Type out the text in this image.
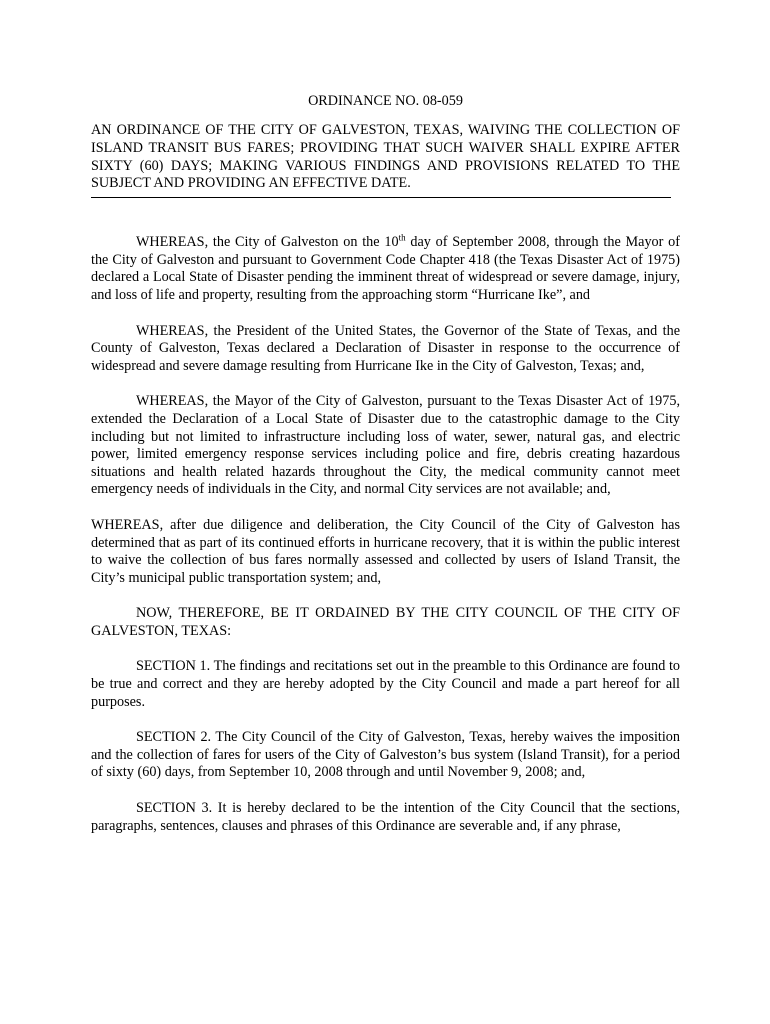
ORDINANCE NO. 08-059

AN ORDINANCE OF THE CITY OF GALVESTON, TEXAS, WAIVING THE COLLECTION OF ISLAND TRANSIT BUS FARES; PROVIDING THAT SUCH WAIVER SHALL EXPIRE AFTER SIXTY (60) DAYS; MAKING VARIOUS FINDINGS AND PROVISIONS RELATED TO THE SUBJECT AND PROVIDING AN EFFECTIVE DATE.

WHEREAS, the City of Galveston on the 10th day of September 2008, through the Mayor of the City of Galveston and pursuant to Government Code Chapter 418 (the Texas Disaster Act of 1975) declared a Local State of Disaster pending the imminent threat of widespread or severe damage, injury, and loss of life and property, resulting from the approaching storm “Hurricane Ike”, and

WHEREAS, the President of the United States, the Governor of the State of Texas, and the County of Galveston, Texas declared a Declaration of Disaster in response to the occurrence of widespread and severe damage resulting from Hurricane Ike in the City of Galveston, Texas; and,

WHEREAS, the Mayor of the City of Galveston, pursuant to the Texas Disaster Act of 1975, extended the Declaration of a Local State of Disaster due to the catastrophic damage to the City including but not limited to infrastructure including loss of water, sewer, natural gas, and electric power, limited emergency response services including police and fire, debris creating hazardous situations and health related hazards throughout the City, the medical community cannot meet emergency needs of individuals in the City, and normal City services are not available; and,

WHEREAS, after due diligence and deliberation, the City Council of the City of Galveston has determined that as part of its continued efforts in hurricane recovery, that it is within the public interest to waive the collection of bus fares normally assessed and collected by users of Island Transit, the City’s municipal public transportation system; and,

NOW, THEREFORE, BE IT ORDAINED BY THE CITY COUNCIL OF THE CITY OF GALVESTON, TEXAS:

SECTION 1. The findings and recitations set out in the preamble to this Ordinance are found to be true and correct and they are hereby adopted by the City Council and made a part hereof for all purposes.

SECTION 2. The City Council of the City of Galveston, Texas, hereby waives the imposition and the collection of fares for users of the City of Galveston’s bus system (Island Transit), for a period of sixty (60) days, from September 10, 2008 through and until November 9, 2008; and,

SECTION 3. It is hereby declared to be the intention of the City Council that the sections, paragraphs, sentences, clauses and phrases of this Ordinance are severable and, if any phrase,
